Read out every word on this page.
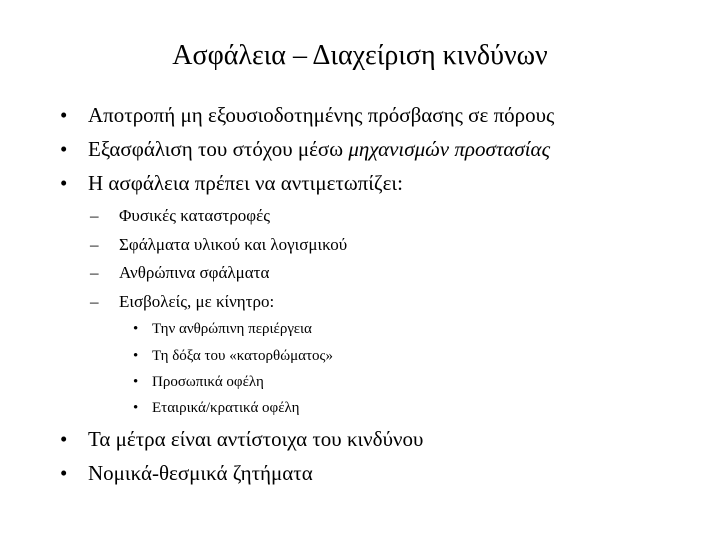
Ασφάλεια – Διαχείριση κινδύνων
• Αποτροπή μη εξουσιοδοτημένης πρόσβασης σε πόρους
• Εξασφάλιση του στόχου μέσω μηχανισμών προστασίας
• Η ασφάλεια πρέπει να αντιμετωπίζει:
– Φυσικές καταστροφές
– Σφάλματα υλικού και λογισμικού
– Ανθρώπινα σφάλματα
– Εισβολείς, με κίνητρο:
• Την ανθρώπινη περιέργεια
• Τη δόξα του «κατορθώματος»
• Προσωπικά οφέλη
• Εταιρικά/κρατικά οφέλη
• Τα μέτρα είναι αντίστοιχα του κινδύνου
• Νομικά-θεσμικά ζητήματα
